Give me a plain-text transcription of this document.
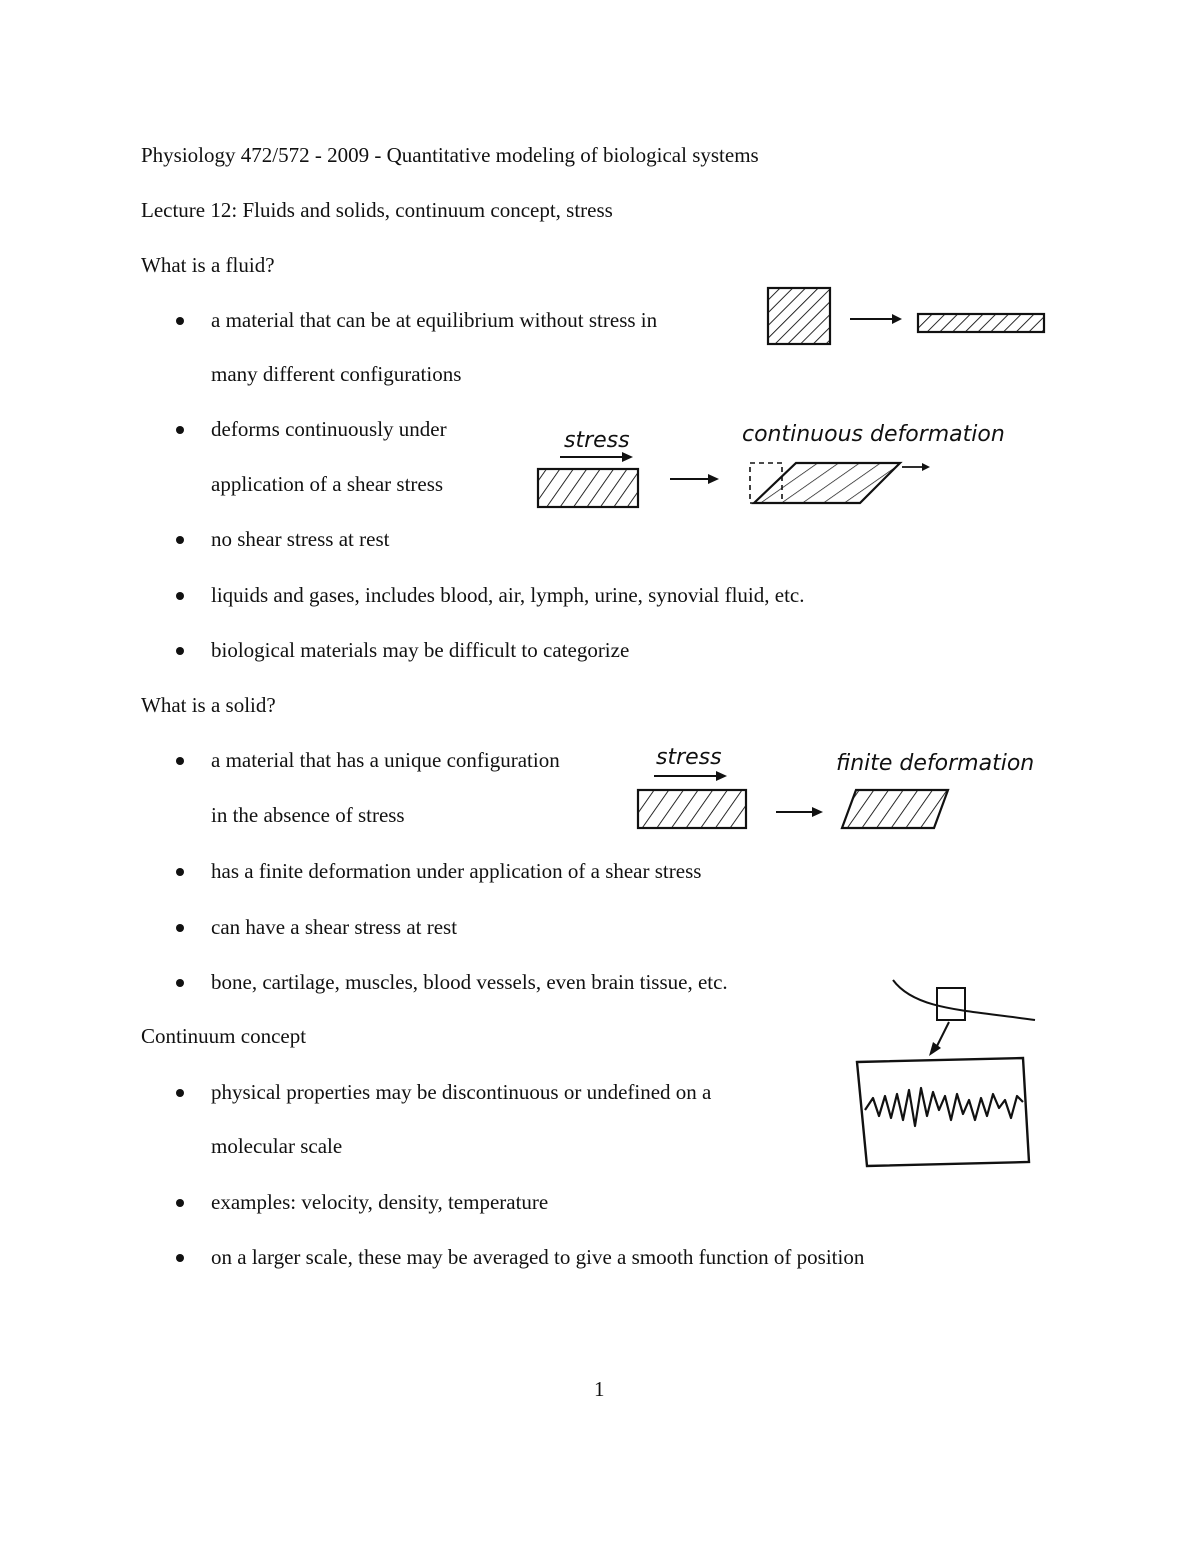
Physiology 472/572 - 2009 - Quantitative modeling of biological systems
Lecture 12: Fluids and solids, continuum concept, stress
What is a fluid?
a material that can be at equilibrium without stress in
many different configurations
deforms continuously under
application of a shear stress
no shear stress at rest
liquids and gases, includes blood, air, lymph, urine, synovial fluid, etc.
biological materials may be difficult to categorize
What is a solid?
a material that has a unique configuration
in the absence of stress
has a finite deformation under application of a shear stress
can have a shear stress at rest
bone, cartilage, muscles, blood vessels, even brain tissue, etc.
Continuum concept
physical properties may be discontinuous or undefined on a
molecular scale
examples: velocity, density, temperature
on a larger scale, these may be averaged to give a smooth function of position
stress	continuous deformation
stress	finite deformation
1
